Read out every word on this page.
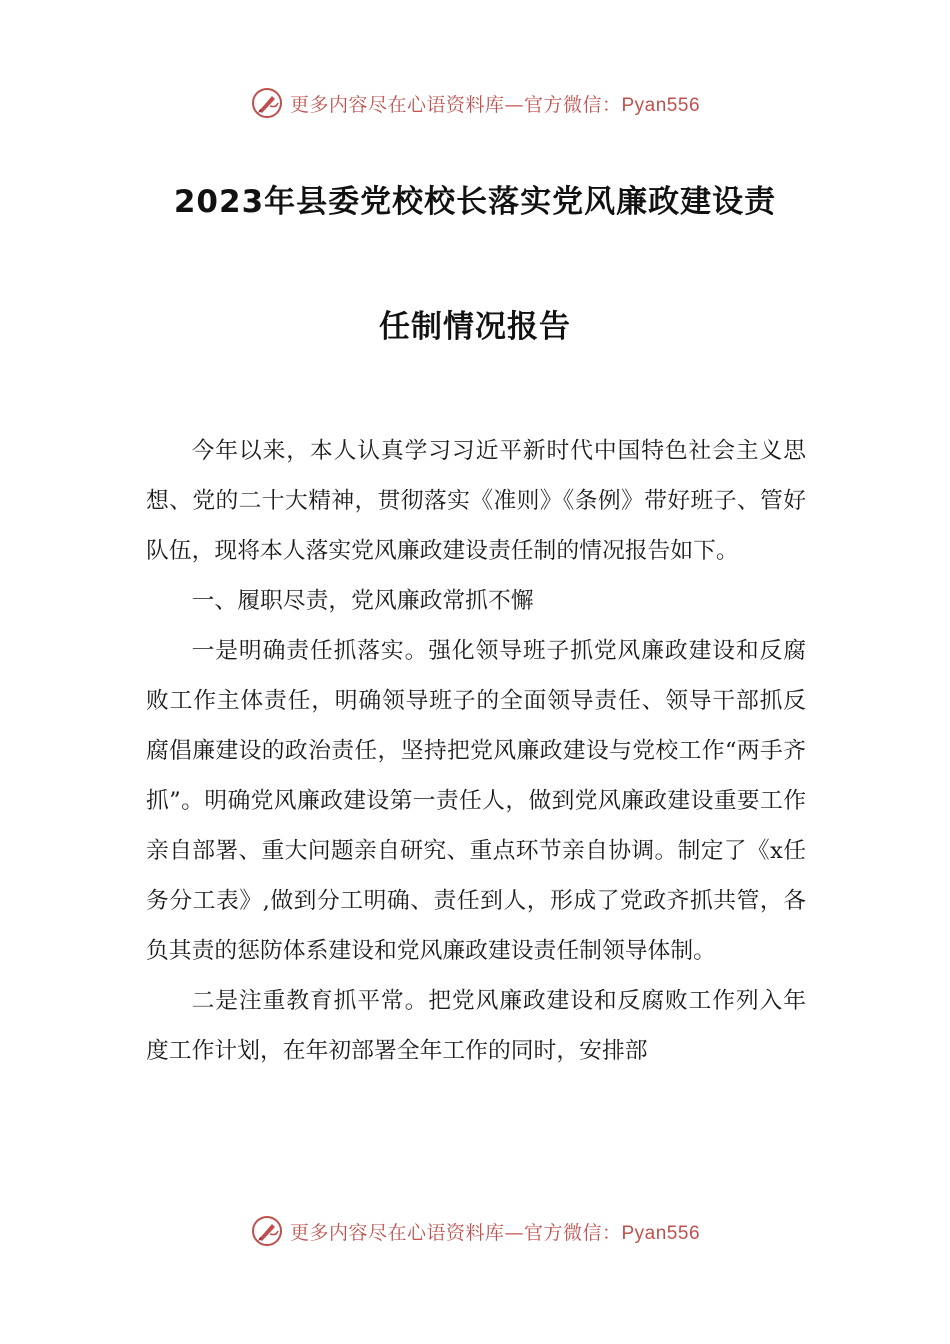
更多内容尽在心语资料库—官方微信：Pyan556
2023年县委党校校长落实党风廉政建设责
任制情况报告

今年以来，本人认真学习习近平新时代中国特色社会主义思想、党的二十大精神，贯彻落实《准则》《条例》带好班子、管好队伍，现将本人落实党风廉政建设责任制的情况报告如下。

一、履职尽责，党风廉政常抓不懈

一是明确责任抓落实。强化领导班子抓党风廉政建设和反腐败工作主体责任，明确领导班子的全面领导责任、领导干部抓反腐倡廉建设的政治责任，坚持把党风廉政建设与党校工作“两手齐抓”。明确党风廉政建设第一责任人，做到党风廉政建设重要工作亲自部署、重大问题亲自研究、重点环节亲自协调。制定了《x任务分工表》,做到分工明确、责任到人，形成了党政齐抓共管，各负其责的惩防体系建设和党风廉政建设责任制领导体制。

二是注重教育抓平常。把党风廉政建设和反腐败工作列入年度工作计划，在年初部署全年工作的同时，安排部

更多内容尽在心语资料库—官方微信：Pyan556
